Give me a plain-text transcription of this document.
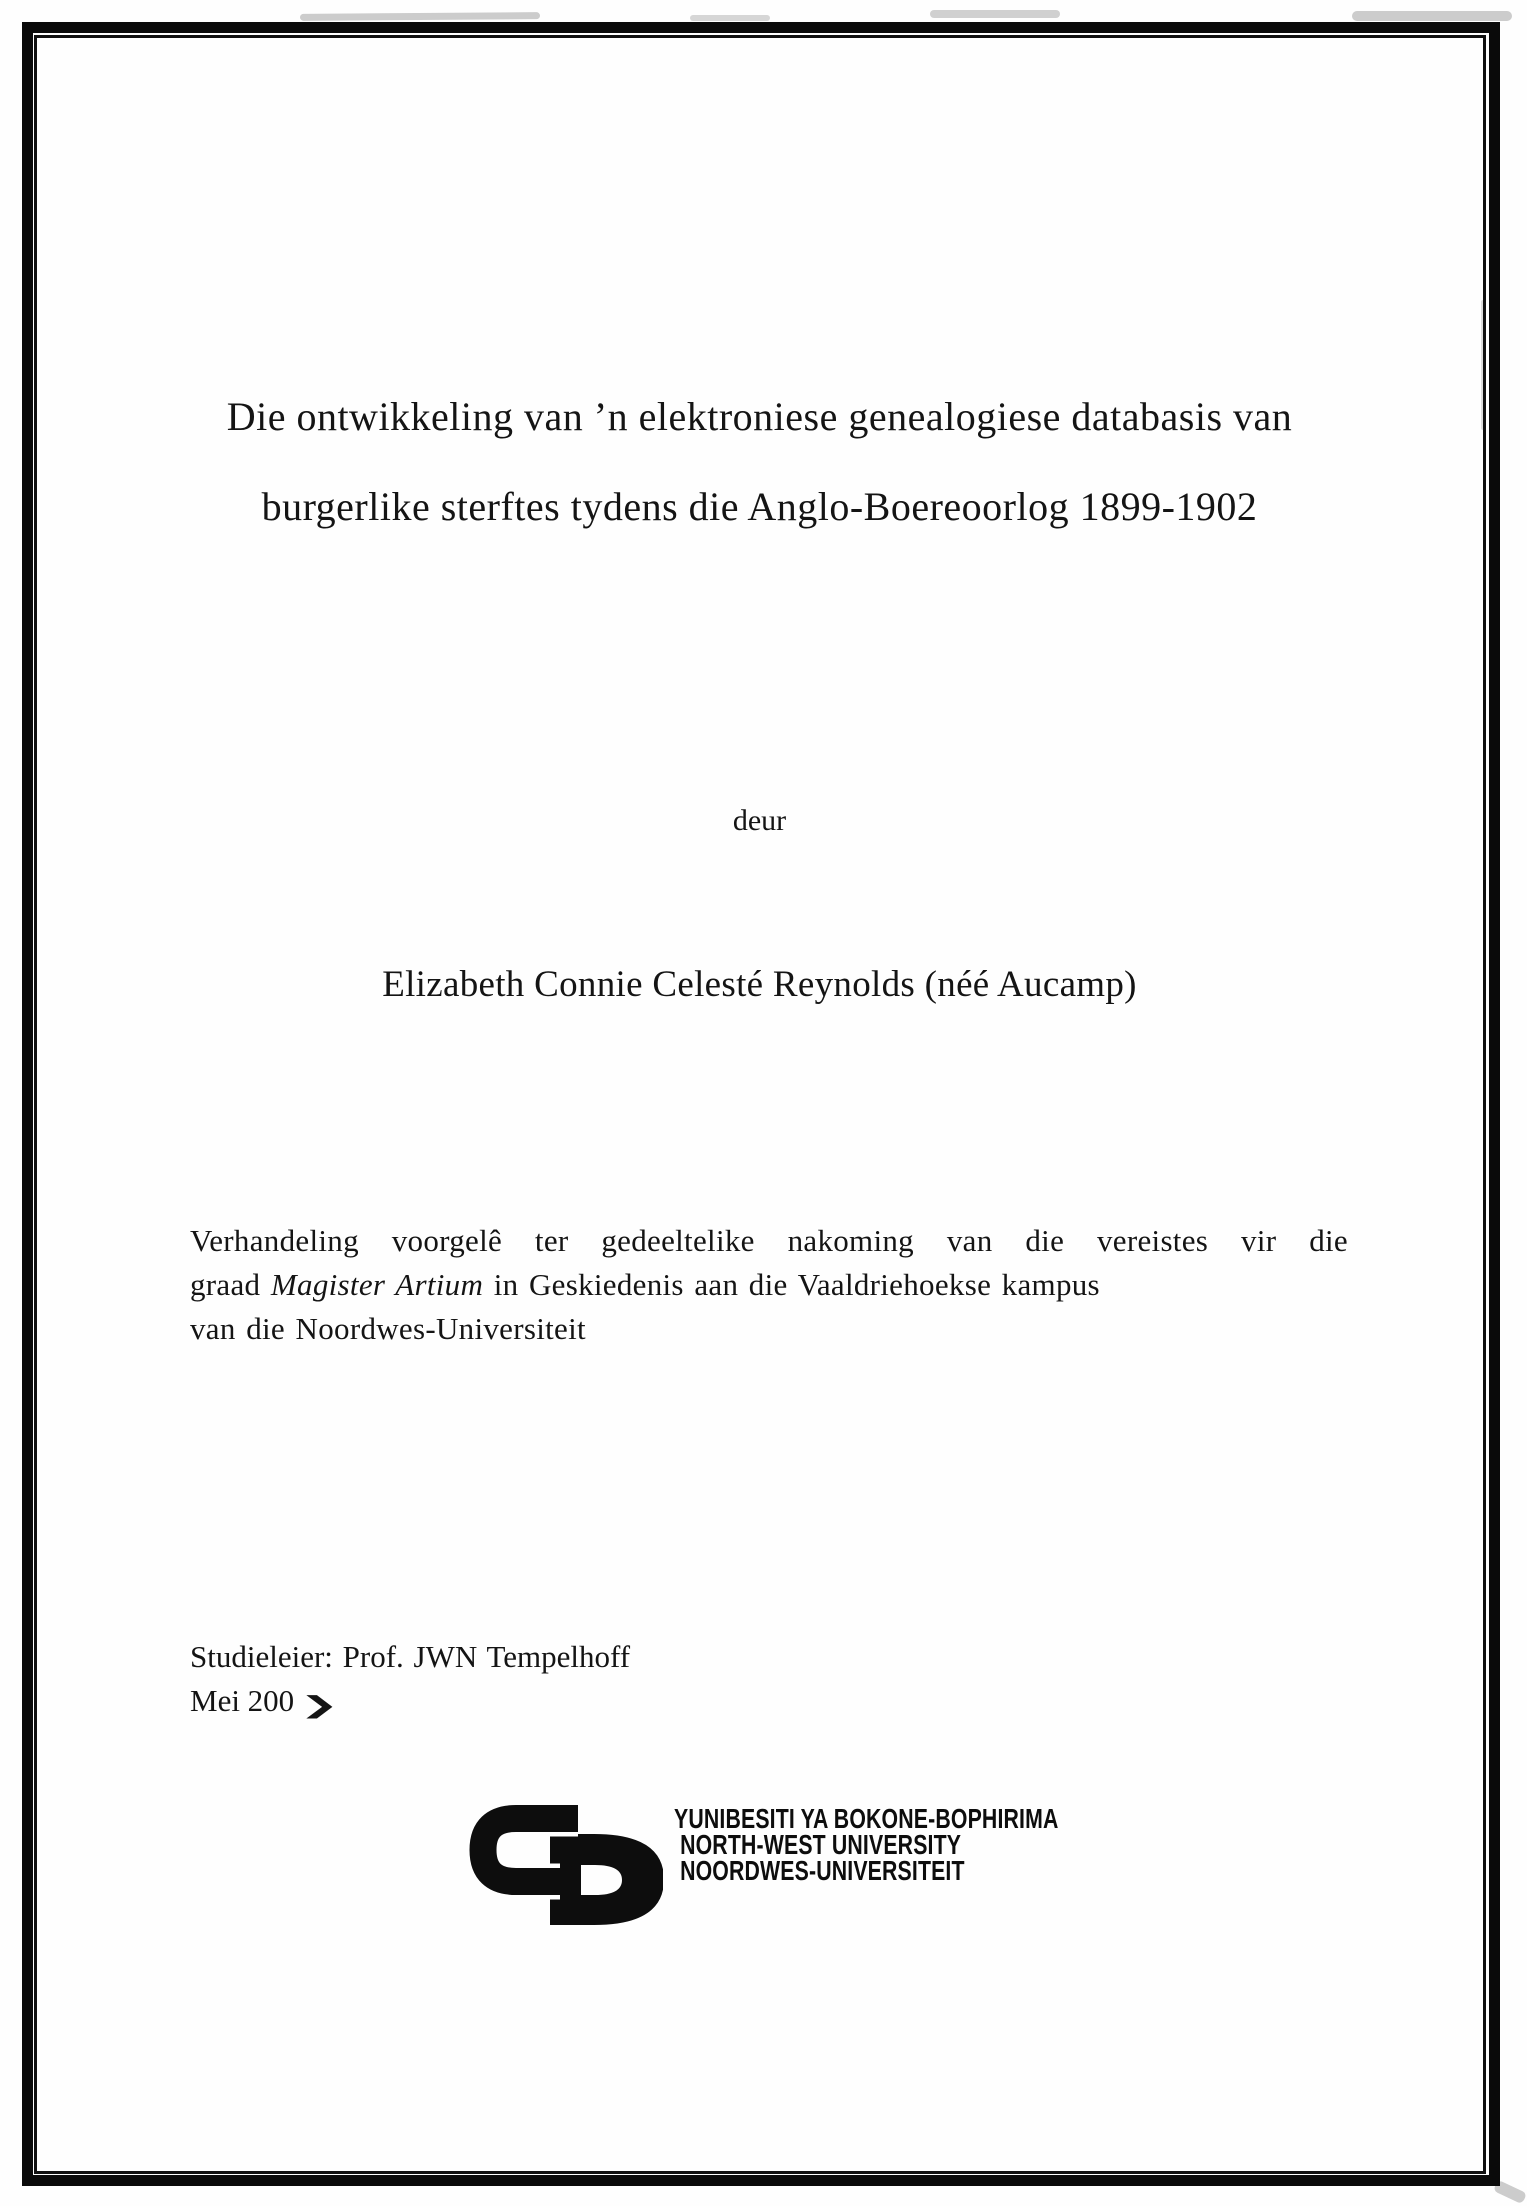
Die ontwikkeling van ’n elektroniese genealogiese databasis van
burgerlike sterftes tydens die Anglo-Boereoorlog 1899-1902
deur
Elizabeth Connie Celesté Reynolds (néé Aucamp)
Verhandeling voorgelê ter gedeeltelike nakoming van die vereistes vir die
graad Magister Artium in Geskiedenis aan die Vaaldriehoekse kampus
van die Noordwes-Universiteit
Studieleier: Prof. JWN Tempelhoff
Mei 200 ❯
YUNIBESITI YA BOKONE-BOPHIRIMA
NORTH-WEST UNIVERSITY
NOORDWES-UNIVERSITEIT
